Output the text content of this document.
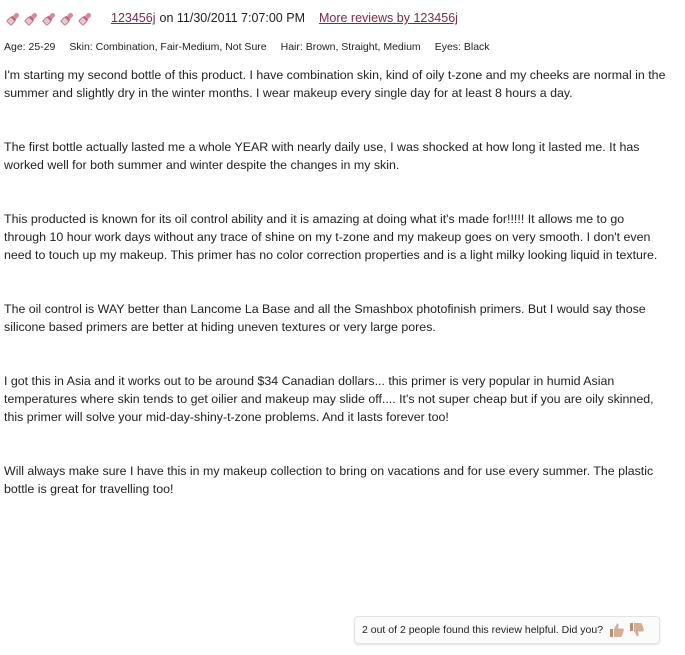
123456j on 11/30/2011 7:07:00 PM More reviews by 123456j
Age: 25-29 Skin: Combination, Fair-Medium, Not Sure Hair: Brown, Straight, Medium Eyes: Black

I'm starting my second bottle of this product. I have combination skin, kind of oily t-zone and my cheeks are normal in the summer and slightly dry in the winter months. I wear makeup every single day for at least 8 hours a day.

The first bottle actually lasted me a whole YEAR with nearly daily use, I was shocked at how long it lasted me. It has worked well for both summer and winter despite the changes in my skin.

This producted is known for its oil control ability and it is amazing at doing what it's made for!!!!! It allows me to go through 10 hour work days without any trace of shine on my t-zone and my makeup goes on very smooth. I don't even need to touch up my makeup. This primer has no color correction properties and is a light milky looking liquid in texture.

The oil control is WAY better than Lancome La Base and all the Smashbox photofinish primers. But I would say those silicone based primers are better at hiding uneven textures or very large pores.

I got this in Asia and it works out to be around $34 Canadian dollars... this primer is very popular in humid Asian temperatures where skin tends to get oilier and makeup may slide off.... It's not super cheap but if you are oily skinned, this primer will solve your mid-day-shiny-t-zone problems. And it lasts forever too!

Will always make sure I have this in my makeup collection to bring on vacations and for use every summer. The plastic bottle is great for travelling too!

2 out of 2 people found this review helpful. Did you?
